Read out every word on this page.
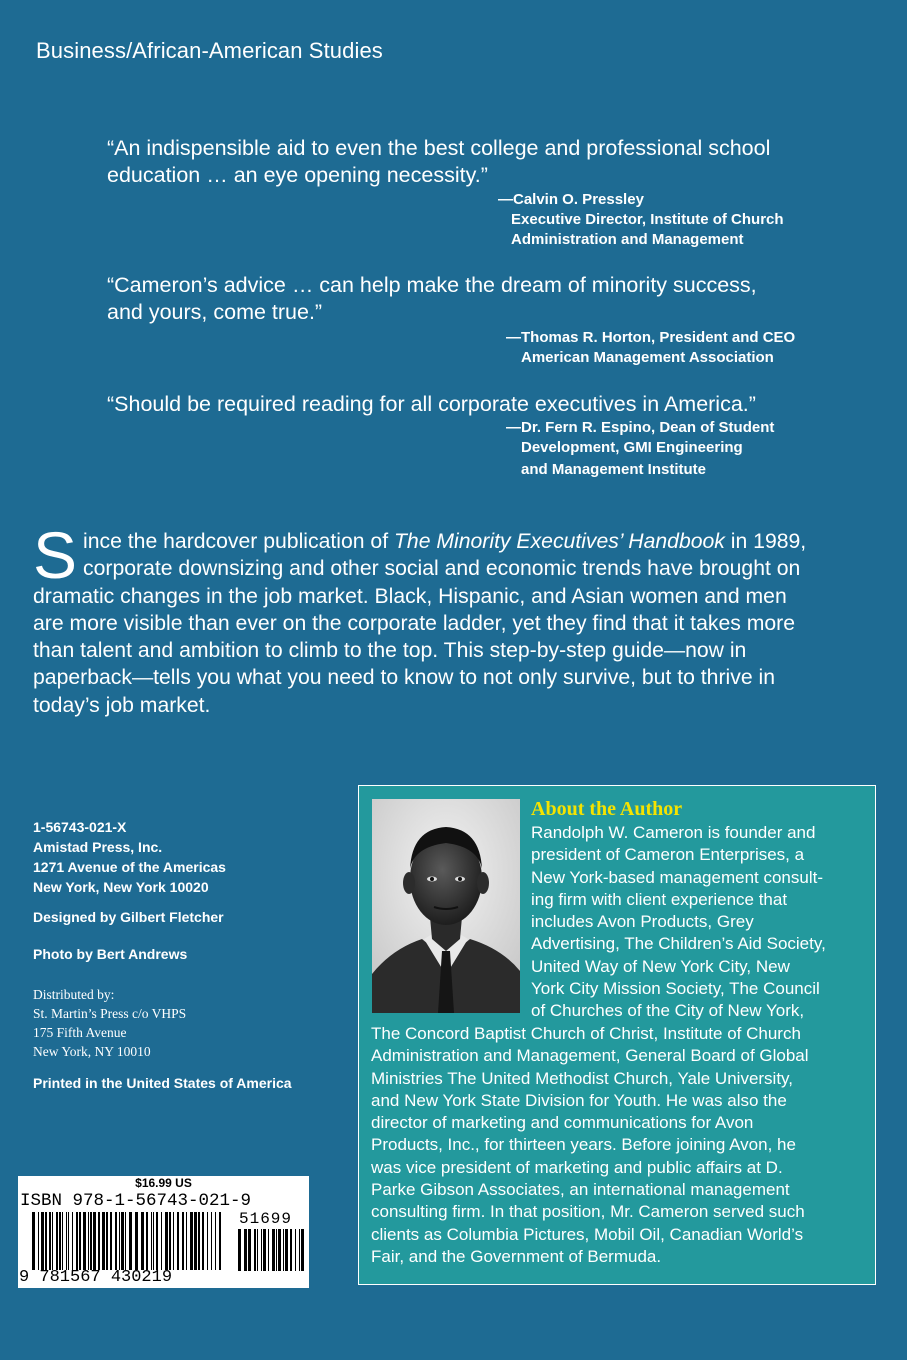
Business/African-American Studies
“An indispensible aid to even the best college and professional school
education … an eye opening necessity.”
—Calvin O. Pressley
Executive Director, Institute of Church
Administration and Management
“Cameron’s advice … can help make the dream of minority success,
and yours, come true.”
—Thomas R. Horton, President and CEO
American Management Association
“Should be required reading for all corporate executives in America.”
—Dr. Fern R. Espino, Dean of Student
Development, GMI Engineering
and Management Institute
S ince the hardcover publication of The Minority Executives’ Handbook in 1989,
corporate downsizing and other social and economic trends have brought on
dramatic changes in the job market. Black, Hispanic, and Asian women and men
are more visible than ever on the corporate ladder, yet they find that it takes more
than talent and ambition to climb to the top. This step-by-step guide—now in
paperback—tells you what you need to know to not only survive, but to thrive in
today’s job market.
1-56743-021-X
Amistad Press, Inc.
1271 Avenue of the Americas
New York, New York 10020
Designed by Gilbert Fletcher
Photo by Bert Andrews
Distributed by:
St. Martin’s Press c/o VHPS
175 Fifth Avenue
New York, NY 10010
Printed in the United States of America
About the Author
Randolph W. Cameron is founder and
president of Cameron Enterprises, a
New York-based management consult-
ing firm with client experience that
includes Avon Products, Grey
Advertising, The Children’s Aid Society,
United Way of New York City, New
York City Mission Society, The Council
of Churches of the City of New York,
The Concord Baptist Church of Christ, Institute of Church
Administration and Management, General Board of Global
Ministries The United Methodist Church, Yale University,
and New York State Division for Youth. He was also the
director of marketing and communications for Avon
Products, Inc., for thirteen years. Before joining Avon, he
was vice president of marketing and public affairs at D.
Parke Gibson Associates, an international management
consulting firm. In that position, Mr. Cameron served such
clients as Columbia Pictures, Mobil Oil, Canadian World’s
Fair, and the Government of Bermuda.
$16.99 US
ISBN 978-1-56743-021-9
51699
9 781567 430219
